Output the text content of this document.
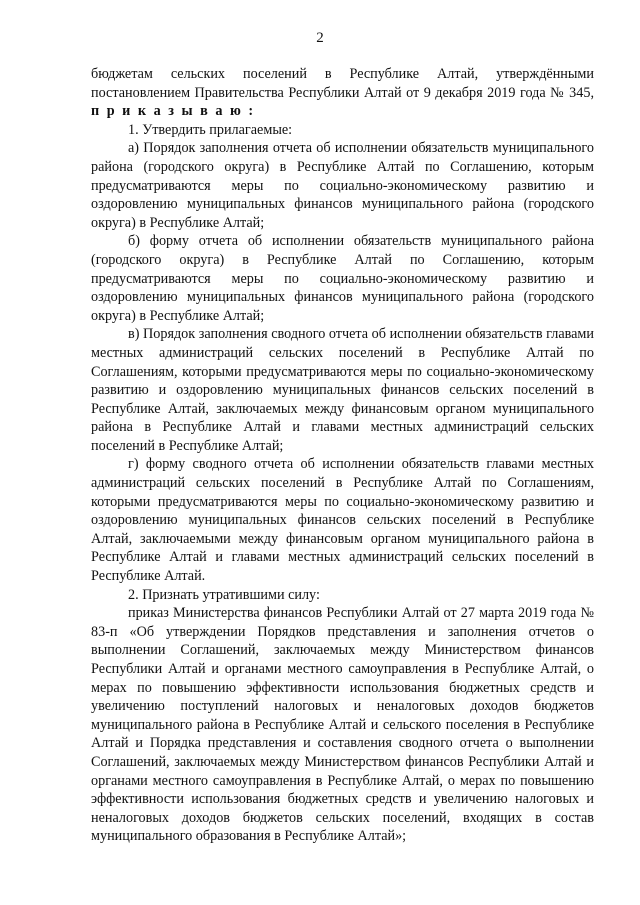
2

бюджетам сельских поселений в Республике Алтай, утверждёнными постановлением Правительства Республики Алтай от 9 декабря 2019 года № 345, п р и к а з ы в а ю :

1. Утвердить прилагаемые:

а) Порядок заполнения отчета об исполнении обязательств муниципального района (городского округа) в Республике Алтай по Соглашению, которым предусматриваются меры по социально-экономическому развитию и оздоровлению муниципальных финансов муниципального района (городского округа) в Республике Алтай;

б) форму отчета об исполнении обязательств муниципального района (городского округа) в Республике Алтай по Соглашению, которым предусматриваются меры по социально-экономическому развитию и оздоровлению муниципальных финансов муниципального района (городского округа) в Республике Алтай;

в) Порядок заполнения сводного отчета об исполнении обязательств главами местных администраций сельских поселений в Республике Алтай по Соглашениям, которыми предусматриваются меры по социально-экономическому развитию и оздоровлению муниципальных финансов сельских поселений в Республике Алтай, заключаемых между финансовым органом муниципального района в Республике Алтай и главами местных администраций сельских поселений в Республике Алтай;

г) форму сводного отчета об исполнении обязательств главами местных администраций сельских поселений в Республике Алтай по Соглашениям, которыми предусматриваются меры по социально-экономическому развитию и оздоровлению муниципальных финансов сельских поселений в Республике Алтай, заключаемыми между финансовым органом муниципального района в Республике Алтай и главами местных администраций сельских поселений в Республике Алтай.

2. Признать утратившими силу:

приказ Министерства финансов Республики Алтай от 27 марта 2019 года № 83-п «Об утверждении Порядков представления и заполнения отчетов о выполнении Соглашений, заключаемых между Министерством финансов Республики Алтай и органами местного самоуправления в Республике Алтай, о мерах по повышению эффективности использования бюджетных средств и увеличению поступлений налоговых и неналоговых доходов бюджетов муниципального района в Республике Алтай и сельского поселения в Республике Алтай и Порядка представления и составления сводного отчета о выполнении Соглашений, заключаемых между Министерством финансов Республики Алтай и органами местного самоуправления в Республике Алтай, о мерах по повышению эффективности использования бюджетных средств и увеличению налоговых и неналоговых доходов бюджетов сельских поселений, входящих в состав муниципального образования в Республике Алтай»;
